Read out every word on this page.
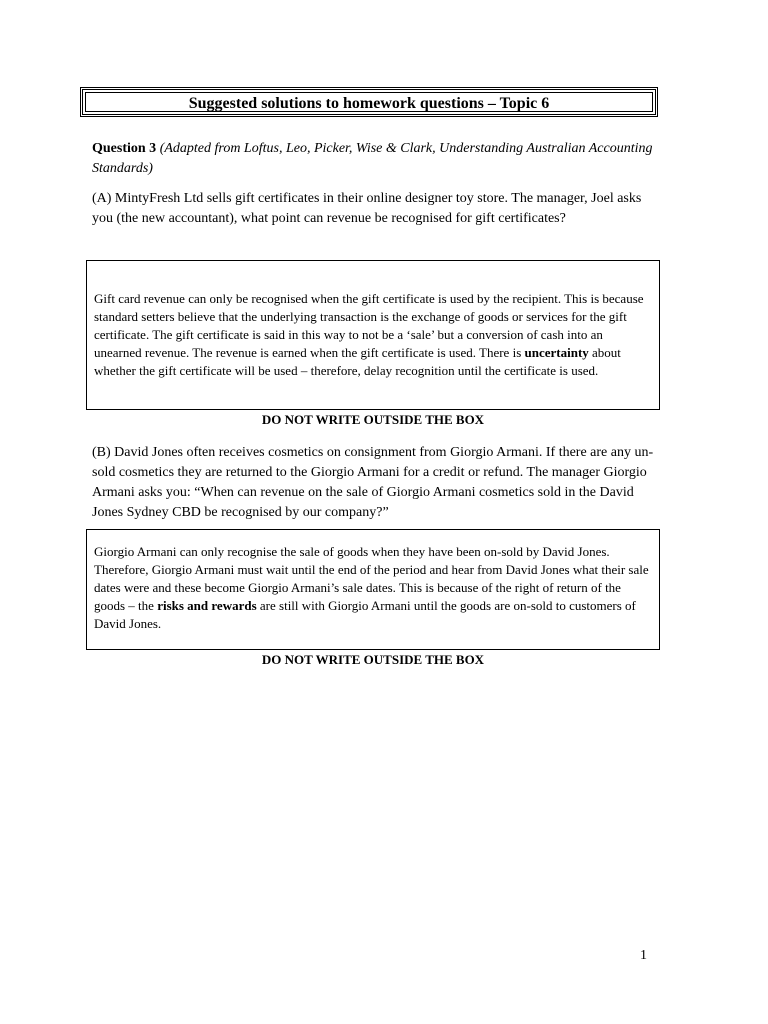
Suggested solutions to homework questions – Topic 6
Question 3 (Adapted from Loftus, Leo, Picker, Wise & Clark, Understanding Australian Accounting Standards)
(A) MintyFresh Ltd sells gift certificates in their online designer toy store. The manager, Joel asks you (the new accountant), what point can revenue be recognised for gift certificates?
Gift card revenue can only be recognised when the gift certificate is used by the recipient. This is because standard setters believe that the underlying transaction is the exchange of goods or services for the gift certificate. The gift certificate is said in this way to not be a ‘sale’ but a conversion of cash into an unearned revenue. The revenue is earned when the gift certificate is used. There is uncertainty about whether the gift certificate will be used – therefore, delay recognition until the certificate is used.
DO NOT WRITE OUTSIDE THE BOX
(B) David Jones often receives cosmetics on consignment from Giorgio Armani. If there are any un-sold cosmetics they are returned to the Giorgio Armani for a credit or refund. The manager Giorgio Armani asks you: “When can revenue on the sale of Giorgio Armani cosmetics sold in the David Jones Sydney CBD be recognised by our company?”
Giorgio Armani can only recognise the sale of goods when they have been on-sold by David Jones. Therefore, Giorgio Armani must wait until the end of the period and hear from David Jones what their sale dates were and these become Giorgio Armani’s sale dates. This is because of the right of return of the goods – the risks and rewards are still with Giorgio Armani until the goods are on-sold to customers of David Jones.
DO NOT WRITE OUTSIDE THE BOX
1
